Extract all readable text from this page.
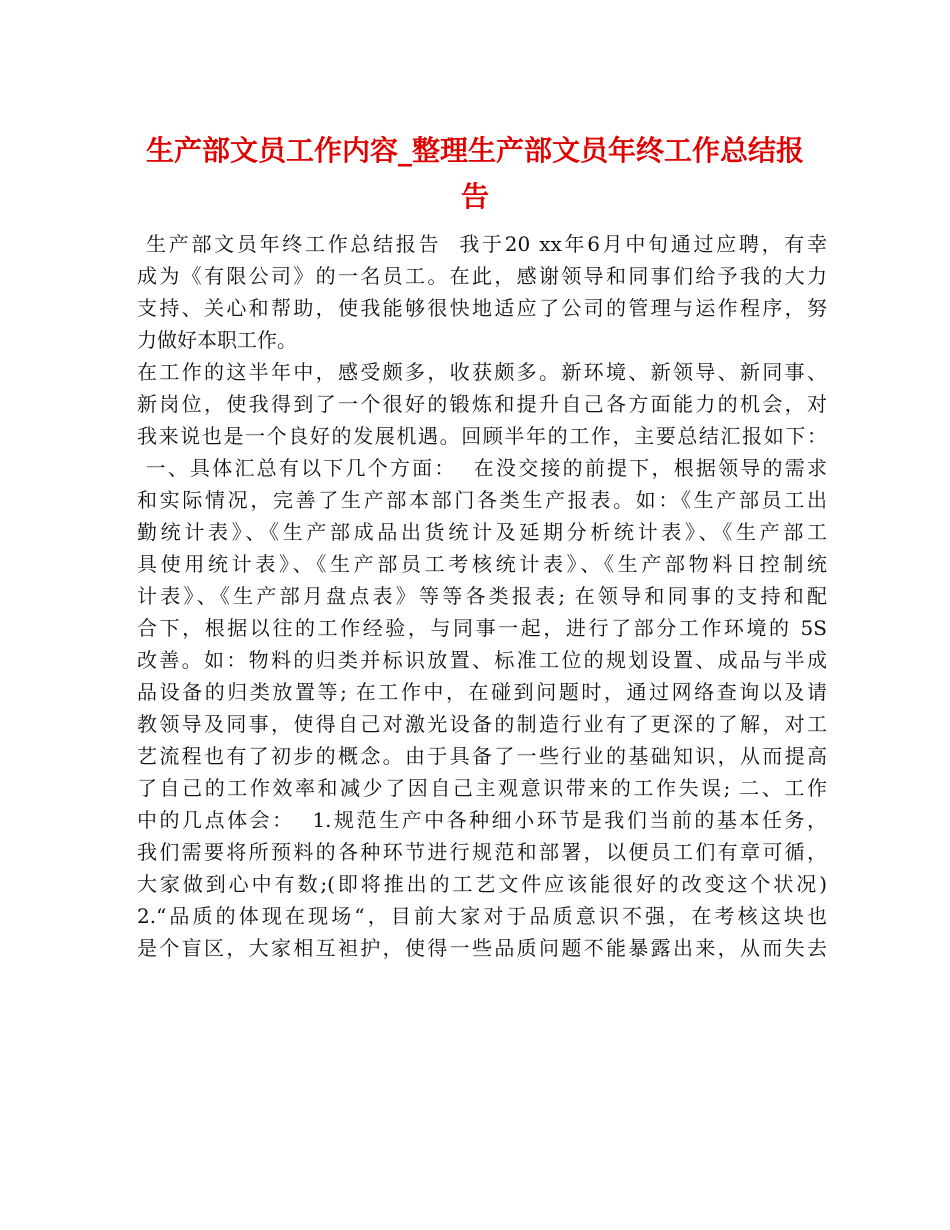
生产部文员工作内容_整理生产部文员年终工作总结报
告
生产部文员年终工作总结报告  我于20 xx年6月中旬通过应聘，有幸
成为《有限公司》的一名员工。在此，感谢领导和同事们给予我的大力
支持、关心和帮助，使我能够很快地适应了公司的管理与运作程序，努
力做好本职工作。
在工作的这半年中，感受颇多，收获颇多。新环境、新领导、新同事、
新岗位，使我得到了一个很好的锻炼和提升自己各方面能力的机会，对
我来说也是一个良好的发展机遇。回顾半年的工作，主要总结汇报如下：
一、具体汇总有以下几个方面：  在没交接的前提下，根据领导的需求
和实际情况，完善了生产部本部门各类生产报表。如：《生产部员工出
勤统计表》、《生产部成品出货统计及延期分析统计表》、《生产部工
具使用统计表》、《生产部员工考核统计表》、《生产部物料日控制统
计表》、《生产部月盘点表》等等各类报表; 在领导和同事的支持和配
合下，根据以往的工作经验，与同事一起，进行了部分工作环境的 5S
改善。如：物料的归类并标识放置、标准工位的规划设置、成品与半成
品设备的归类放置等; 在工作中，在碰到问题时，通过网络查询以及请
教领导及同事，使得自己对激光设备的制造行业有了更深的了解，对工
艺流程也有了初步的概念。由于具备了一些行业的基础知识，从而提高
了自己的工作效率和减少了因自己主观意识带来的工作失误; 二、工作
中的几点体会：  1.规范生产中各种细小环节是我们当前的基本任务，
我们需要将所预料的各种环节进行规范和部署，以便员工们有章可循，
大家做到心中有数;(即将推出的工艺文件应该能很好的改变这个状况)
2.“品质的体现在现场“，目前大家对于品质意识不强，在考核这块也
是个盲区，大家相互袒护，使得一些品质问题不能暴露出来，从而失去
